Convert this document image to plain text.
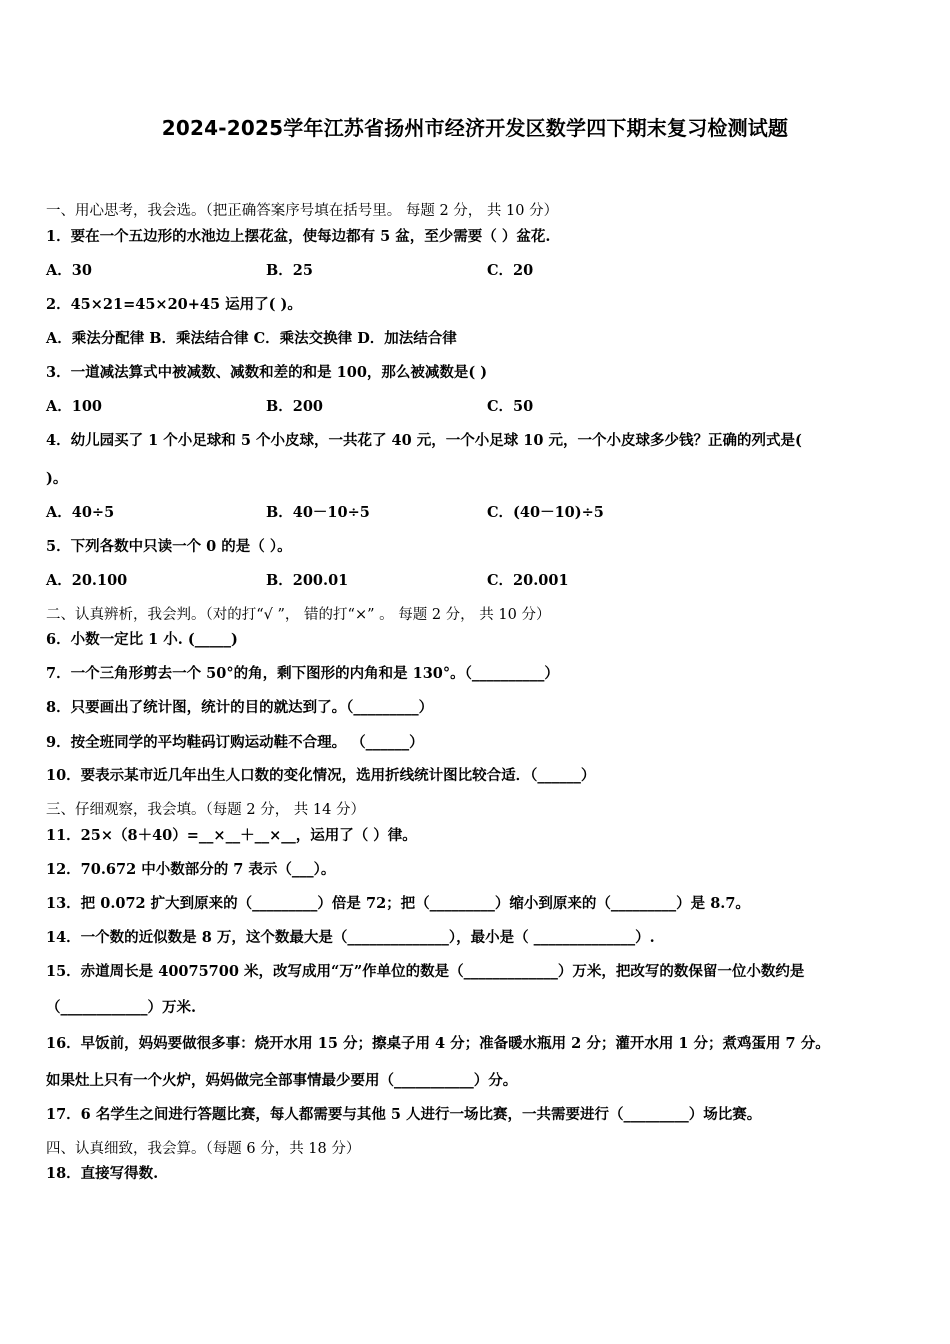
2024-2025学年江苏省扬州市经济开发区数学四下期末复习检测试题
一、用心思考，我会选。（把正确答案序号填在括号里。 每题 2 分， 共 10 分）
1．要在一个五边形的水池边上摆花盆，使每边都有 5 盆，至少需要（ ）盆花.
A．30	B．25	C．20
2．45×21=45×20+45 运用了( )。
A．乘法分配律 B．乘法结合律 C．乘法交换律 D．加法结合律
3．一道减法算式中被减数、减数和差的和是 100，那么被减数是( )
A．100	B．200	C．50
4．幼儿园买了 1 个小足球和 5 个小皮球，一共花了 40 元，一个小足球 10 元，一个小皮球多少钱？正确的列式是(
)。
A．40÷5	B．40－10÷5	C．(40－10)÷5
5．下列各数中只读一个 0 的是（ ）。
A．20.100	B．200.01	C．20.001
二、认真辨析，我会判。（对的打“√ ”， 错的打“×” 。 每题 2 分， 共 10 分）
6．小数一定比 1 小. (_____)
7．一个三角形剪去一个 50°的角，剩下图形的内角和是 130°。（__________）
8．只要画出了统计图，统计的目的就达到了。（_________）
9．按全班同学的平均鞋码订购运动鞋不合理。 （______）
10．要表示某市近几年出生人口数的变化情况，选用折线统计图比较合适．（______）
三、仔细观察，我会填。（每题 2 分， 共 14 分）
11．25×（8＋40）=__×__＋__×__，运用了（ ）律。
12．70.672 中小数部分的 7 表示（___）。
13．把 0.072 扩大到原来的（_________）倍是 72；把（_________）缩小到原来的（_________）是 8.7。
14．一个数的近似数是 8 万，这个数最大是（______________），最小是（ ______________）.
15．赤道周长是 40075700 米，改写成用“万”作单位的数是（_____________）万米，把改写的数保留一位小数约是
（____________）万米.
16．早饭前，妈妈要做很多事：烧开水用 15 分；擦桌子用 4 分；准备暖水瓶用 2 分；灌开水用 1 分；煮鸡蛋用 7 分。
如果灶上只有一个火炉，妈妈做完全部事情最少要用（___________）分。
17．6 名学生之间进行答题比赛，每人都需要与其他 5 人进行一场比赛，一共需要进行（_________）场比赛。
四、认真细致，我会算。（每题 6 分，共 18 分）
18．直接写得数.
